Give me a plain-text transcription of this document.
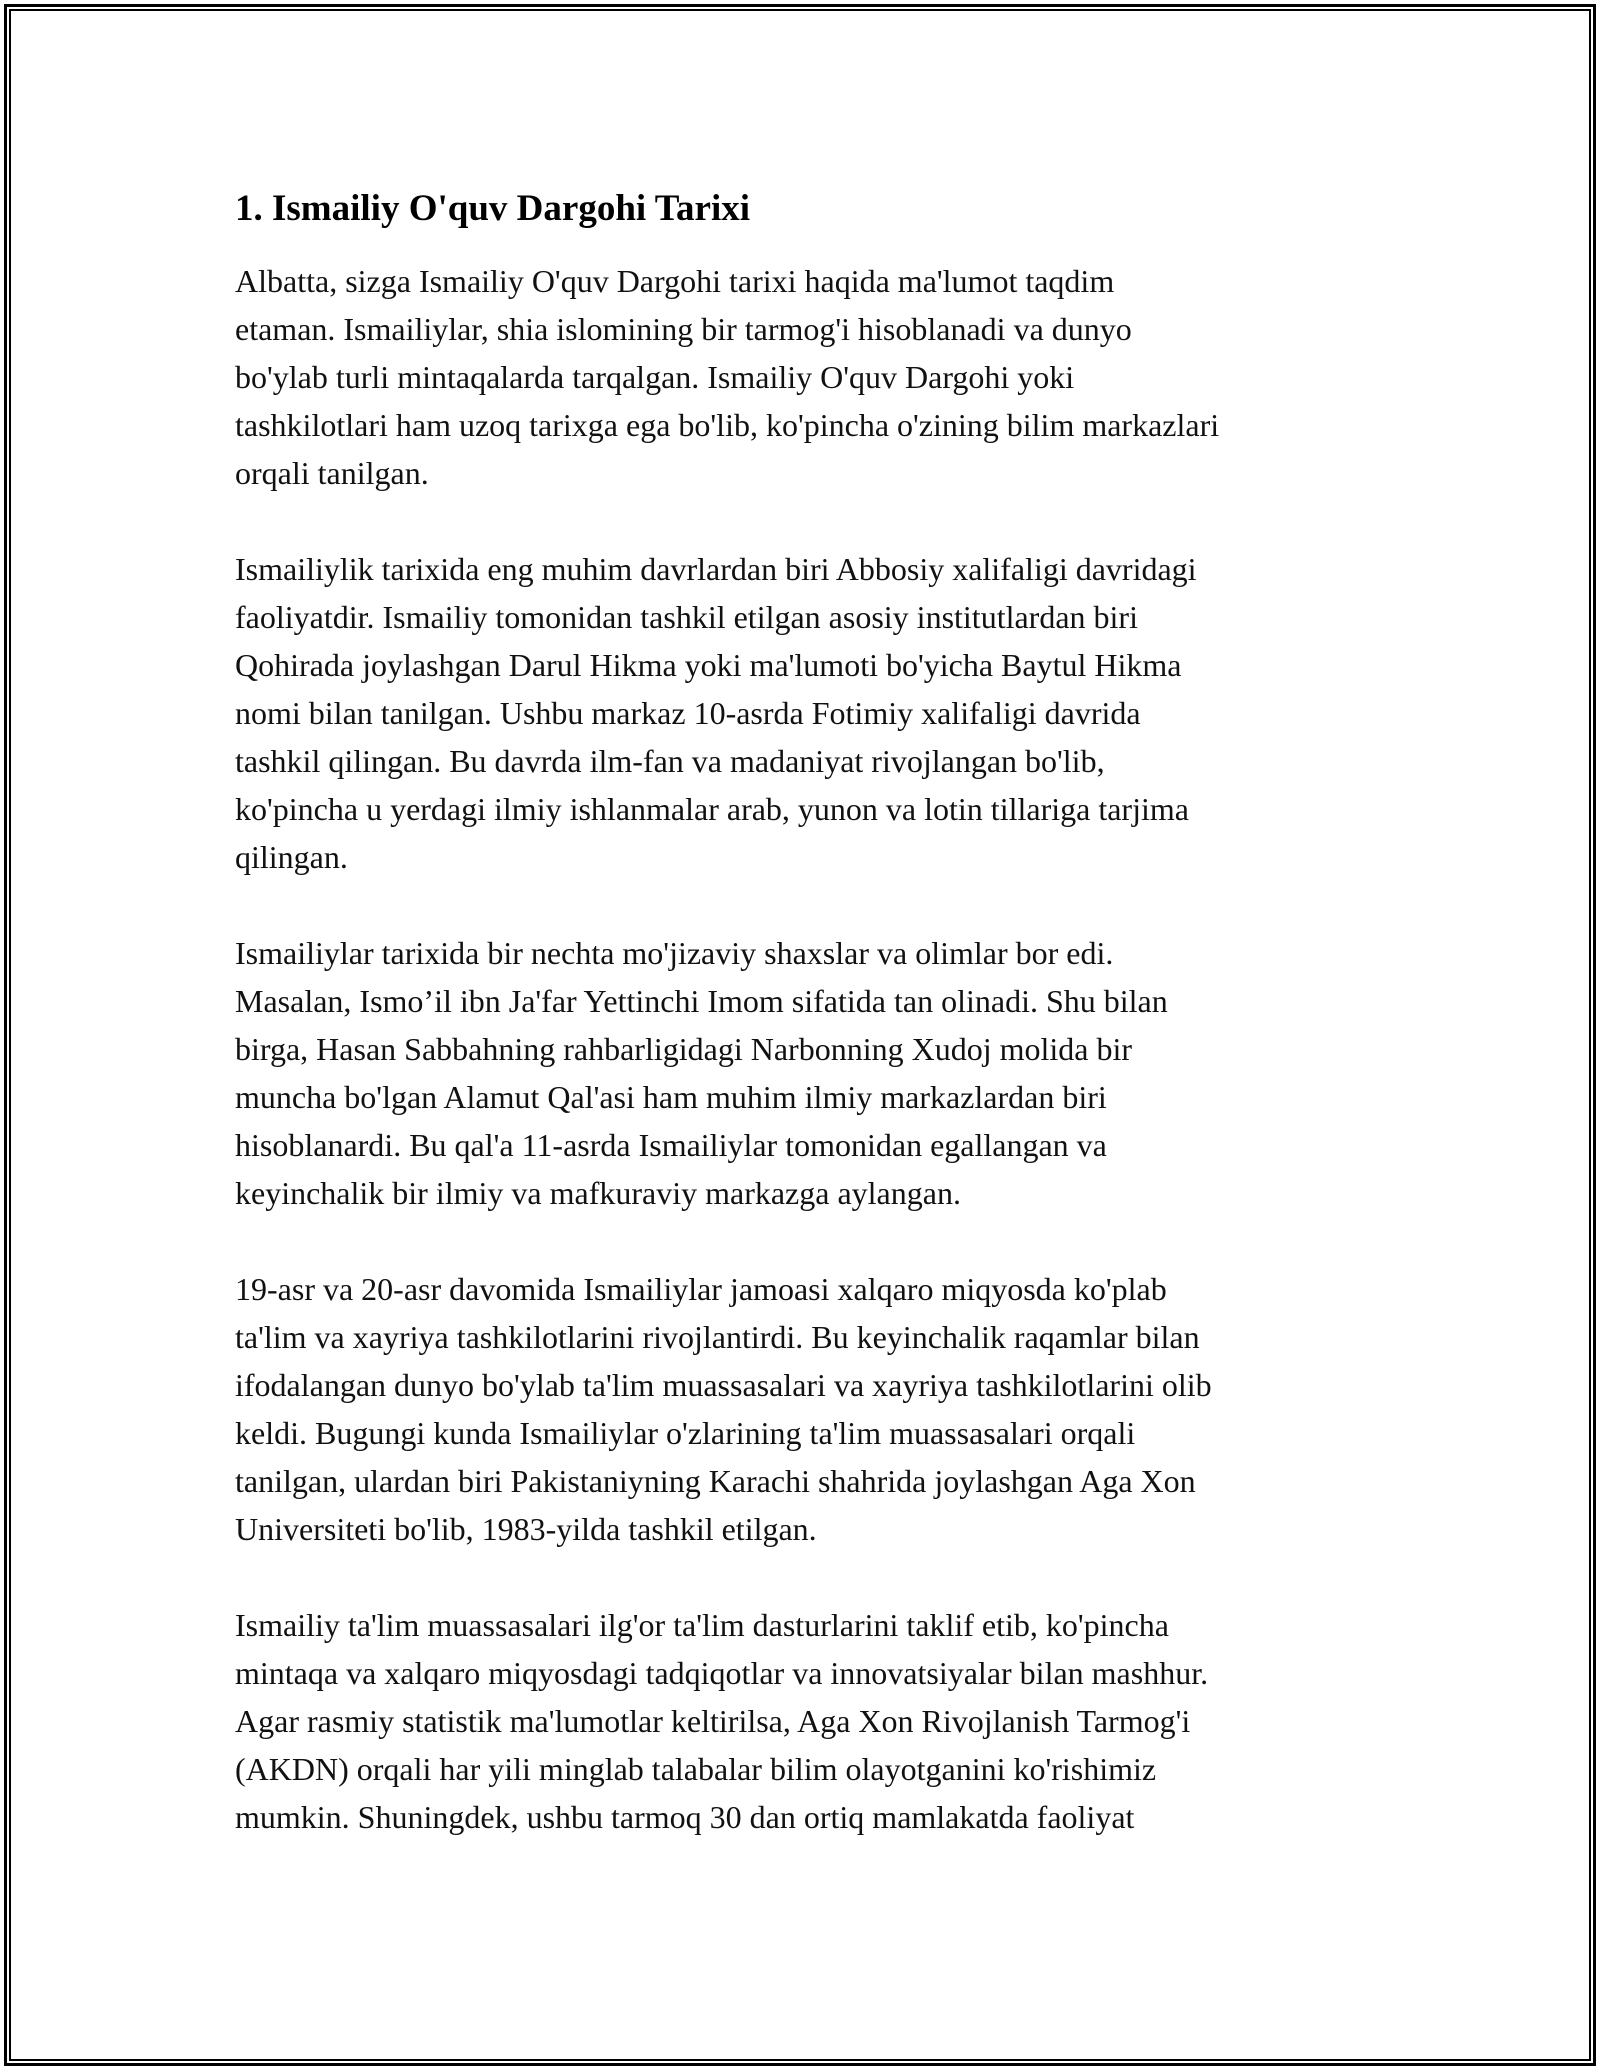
1. Ismailiy O'quv Dargohi Tarixi

Albatta, sizga Ismailiy O'quv Dargohi tarixi haqida ma'lumot taqdim
etaman. Ismailiylar, shia islomining bir tarmog'i hisoblanadi va dunyo
bo'ylab turli mintaqalarda tarqalgan. Ismailiy O'quv Dargohi yoki
tashkilotlari ham uzoq tarixga ega bo'lib, ko'pincha o'zining bilim markazlari
orqali tanilgan.

Ismailiylik tarixida eng muhim davrlardan biri Abbosiy xalifaligi davridagi
faoliyatdir. Ismailiy tomonidan tashkil etilgan asosiy institutlardan biri
Qohirada joylashgan Darul Hikma yoki ma'lumoti bo'yicha Baytul Hikma
nomi bilan tanilgan. Ushbu markaz 10-asrda Fotimiy xalifaligi davrida
tashkil qilingan. Bu davrda ilm-fan va madaniyat rivojlangan bo'lib,
ko'pincha u yerdagi ilmiy ishlanmalar arab, yunon va lotin tillariga tarjima
qilingan.

Ismailiylar tarixida bir nechta mo'jizaviy shaxslar va olimlar bor edi.
Masalan, Ismo’il ibn Ja'far Yettinchi Imom sifatida tan olinadi. Shu bilan
birga, Hasan Sabbahning rahbarligidagi Narbonning Xudoj molida bir
muncha bo'lgan Alamut Qal'asi ham muhim ilmiy markazlardan biri
hisoblanardi. Bu qal'a 11-asrda Ismailiylar tomonidan egallangan va
keyinchalik bir ilmiy va mafkuraviy markazga aylangan.

19-asr va 20-asr davomida Ismailiylar jamoasi xalqaro miqyosda ko'plab
ta'lim va xayriya tashkilotlarini rivojlantirdi. Bu keyinchalik raqamlar bilan
ifodalangan dunyo bo'ylab ta'lim muassasalari va xayriya tashkilotlarini olib
keldi. Bugungi kunda Ismailiylar o'zlarining ta'lim muassasalari orqali
tanilgan, ulardan biri Pakistaniyning Karachi shahrida joylashgan Aga Xon
Universiteti bo'lib, 1983-yilda tashkil etilgan.

Ismailiy ta'lim muassasalari ilg'or ta'lim dasturlarini taklif etib, ko'pincha
mintaqa va xalqaro miqyosdagi tadqiqotlar va innovatsiyalar bilan mashhur.
Agar rasmiy statistik ma'lumotlar keltirilsa, Aga Xon Rivojlanish Tarmog'i
(AKDN) orqali har yili minglab talabalar bilim olayotganini ko'rishimiz
mumkin. Shuningdek, ushbu tarmoq 30 dan ortiq mamlakatda faoliyat
